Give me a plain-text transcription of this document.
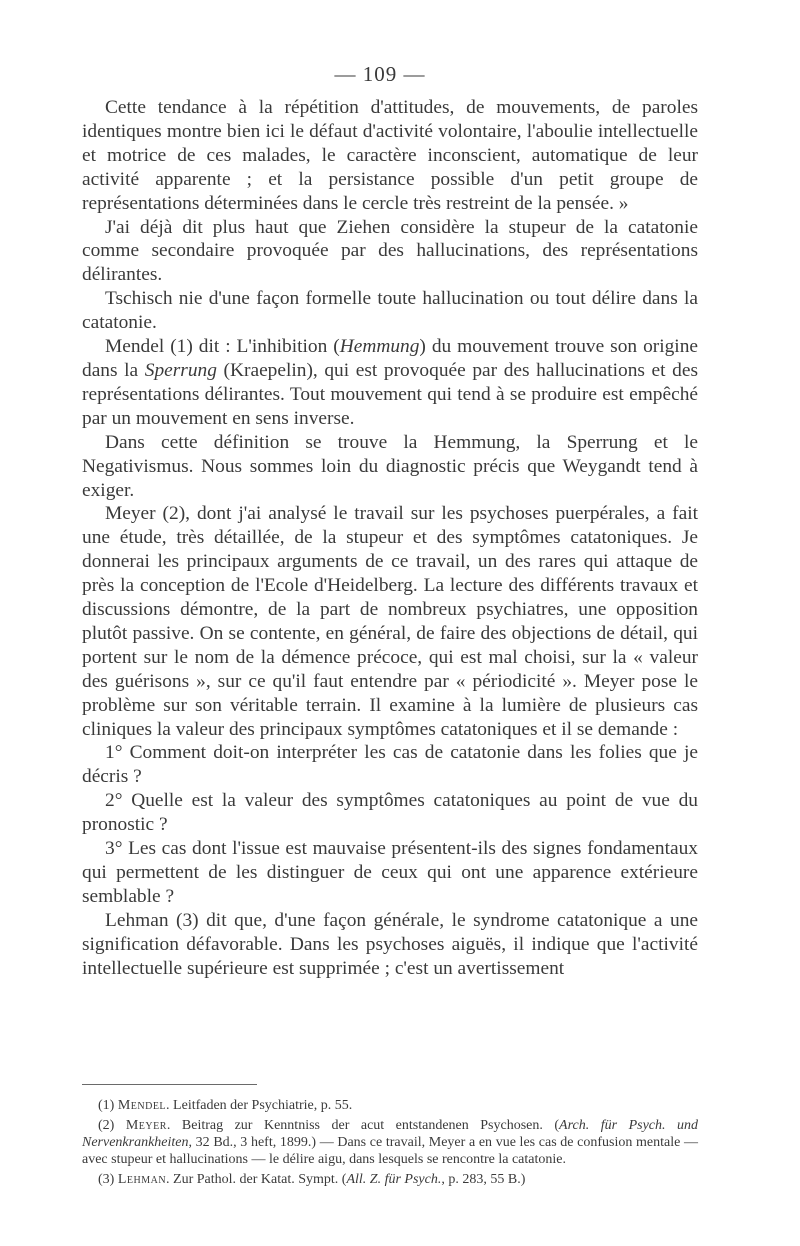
— 109 —

Cette tendance à la répétition d'attitudes, de mouvements, de paroles identiques montre bien ici le défaut d'activité volontaire, l'aboulie intellectuelle et motrice de ces malades, le caractère inconscient, automatique de leur activité apparente ; et la persistance possible d'un petit groupe de représentations déterminées dans le cercle très restreint de la pensée. »

J'ai déjà dit plus haut que Ziehen considère la stupeur de la catatonie comme secondaire provoquée par des hallucinations, des représentations délirantes.

Tschisch nie d'une façon formelle toute hallucination ou tout délire dans la catatonie.

Mendel (1) dit : L'inhibition (Hemmung) du mouvement trouve son origine dans la Sperrung (Kraepelin), qui est provoquée par des hallucinations et des représentations délirantes. Tout mouvement qui tend à se produire est empêché par un mouvement en sens inverse.

Dans cette définition se trouve la Hemmung, la Sperrung et le Negativismus. Nous sommes loin du diagnostic précis que Weygandt tend à exiger.

Meyer (2), dont j'ai analysé le travail sur les psychoses puerpérales, a fait une étude, très détaillée, de la stupeur et des symptômes catatoniques. Je donnerai les principaux arguments de ce travail, un des rares qui attaque de près la conception de l'Ecole d'Heidelberg. La lecture des différents travaux et discussions démontre, de la part de nombreux psychiatres, une opposition plutôt passive. On se contente, en général, de faire des objections de détail, qui portent sur le nom de la démence précoce, qui est mal choisi, sur la « valeur des guérisons », sur ce qu'il faut entendre par « périodicité ». Meyer pose le problème sur son véritable terrain. Il examine à la lumière de plusieurs cas cliniques la valeur des principaux symptômes catatoniques et il se demande :

1° Comment doit-on interpréter les cas de catatonie dans les folies que je décris ?

2° Quelle est la valeur des symptômes catatoniques au point de vue du pronostic ?

3° Les cas dont l'issue est mauvaise présentent-ils des signes fondamentaux qui permettent de les distinguer de ceux qui ont une apparence extérieure semblable ?

Lehman (3) dit que, d'une façon générale, le syndrome catatonique a une signification défavorable. Dans les psychoses aiguës, il indique que l'activité intellectuelle supérieure est supprimée ; c'est un avertissement

(1) Mendel. Leitfaden der Psychiatrie, p. 55.

(2) Meyer. Beitrag zur Kenntniss der acut entstandenen Psychosen. (Arch. für Psych. und Nervenkrankheiten, 32 Bd., 3 heft, 1899.) — Dans ce travail, Meyer a en vue les cas de confusion mentale — avec stupeur et hallucinations — le délire aigu, dans lesquels se rencontre la catatonie.

(3) Lehman. Zur Pathol. der Katat. Sympt. (All. Z. für Psych., p. 283, 55 B.)
